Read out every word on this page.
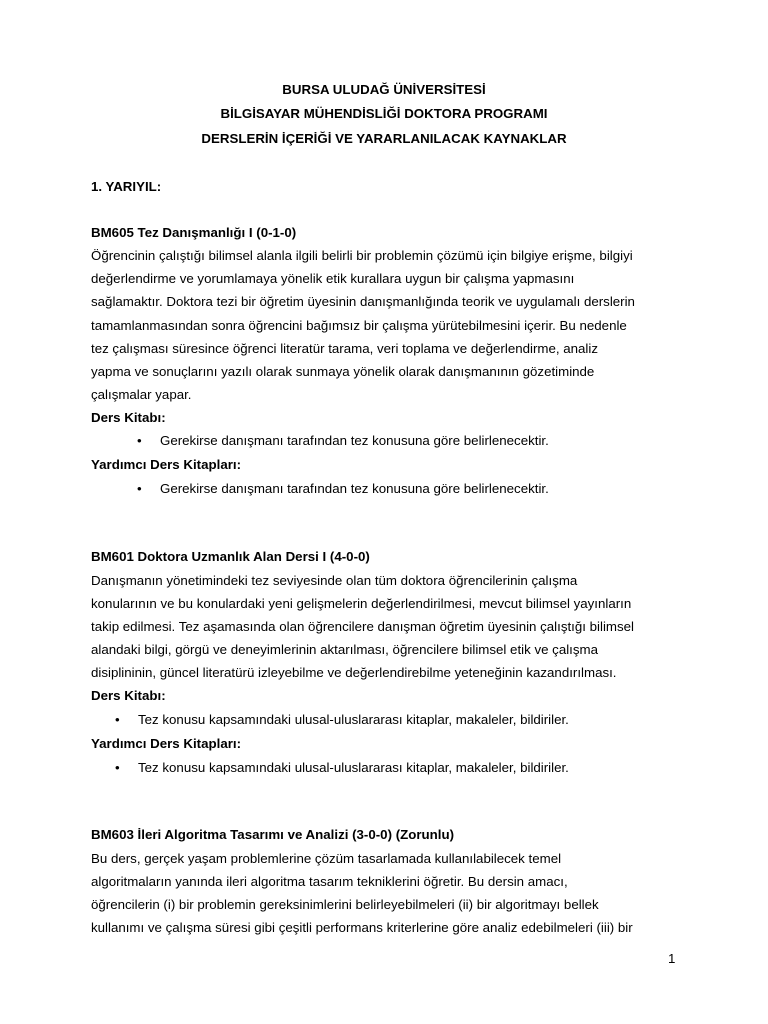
BURSA ULUDAĞ ÜNİVERSİTESİ
BİLGİSAYAR MÜHENDİSLİĞİ DOKTORA PROGRAMI
DERSLERİN İÇERİĞİ VE YARARLANILACAK KAYNAKLAR
1. YARIYIL:
BM605 Tez Danışmanlığı I (0-1-0)
Öğrencinin çalıştığı bilimsel alanla ilgili belirli bir problemin çözümü için bilgiye erişme, bilgiyi
değerlendirme ve yorumlamaya yönelik etik kurallara uygun bir çalışma yapmasını
sağlamaktır. Doktora tezi bir öğretim üyesinin danışmanlığında teorik ve uygulamalı derslerin
tamamlanmasından sonra öğrencini bağımsız bir çalışma yürütebilmesini içerir. Bu nedenle
tez çalışması süresince öğrenci literatür tarama, veri toplama ve değerlendirme, analiz
yapma ve sonuçlarını yazılı olarak sunmaya yönelik olarak danışmanının gözetiminde
çalışmalar yapar.
Ders Kitabı:
• Gerekirse danışmanı tarafından tez konusuna göre belirlenecektir.
Yardımcı Ders Kitapları:
• Gerekirse danışmanı tarafından tez konusuna göre belirlenecektir.
BM601 Doktora Uzmanlık Alan Dersi I (4-0-0)
Danışmanın yönetimindeki tez seviyesinde olan tüm doktora öğrencilerinin çalışma
konularının ve bu konulardaki yeni gelişmelerin değerlendirilmesi, mevcut bilimsel yayınların
takip edilmesi. Tez aşamasında olan öğrencilere danışman öğretim üyesinin çalıştığı bilimsel
alandaki bilgi, görgü ve deneyimlerinin aktarılması, öğrencilere bilimsel etik ve çalışma
disiplininin, güncel literatürü izleyebilme ve değerlendirebilme yeteneğinin kazandırılması.
Ders Kitabı:
• Tez konusu kapsamındaki ulusal-uluslararası kitaplar, makaleler, bildiriler.
Yardımcı Ders Kitapları:
• Tez konusu kapsamındaki ulusal-uluslararası kitaplar, makaleler, bildiriler.
BM603 İleri Algoritma Tasarımı ve Analizi (3-0-0) (Zorunlu)
Bu ders, gerçek yaşam problemlerine çözüm tasarlamada kullanılabilecek temel
algoritmaların yanında ileri algoritma tasarım tekniklerini öğretir. Bu dersin amacı,
öğrencilerin (i) bir problemin gereksinimlerini belirleyebilmeleri (ii) bir algoritmayı bellek
kullanımı ve çalışma süresi gibi çeşitli performans kriterlerine göre analiz edebilmeleri (iii) bir
1
